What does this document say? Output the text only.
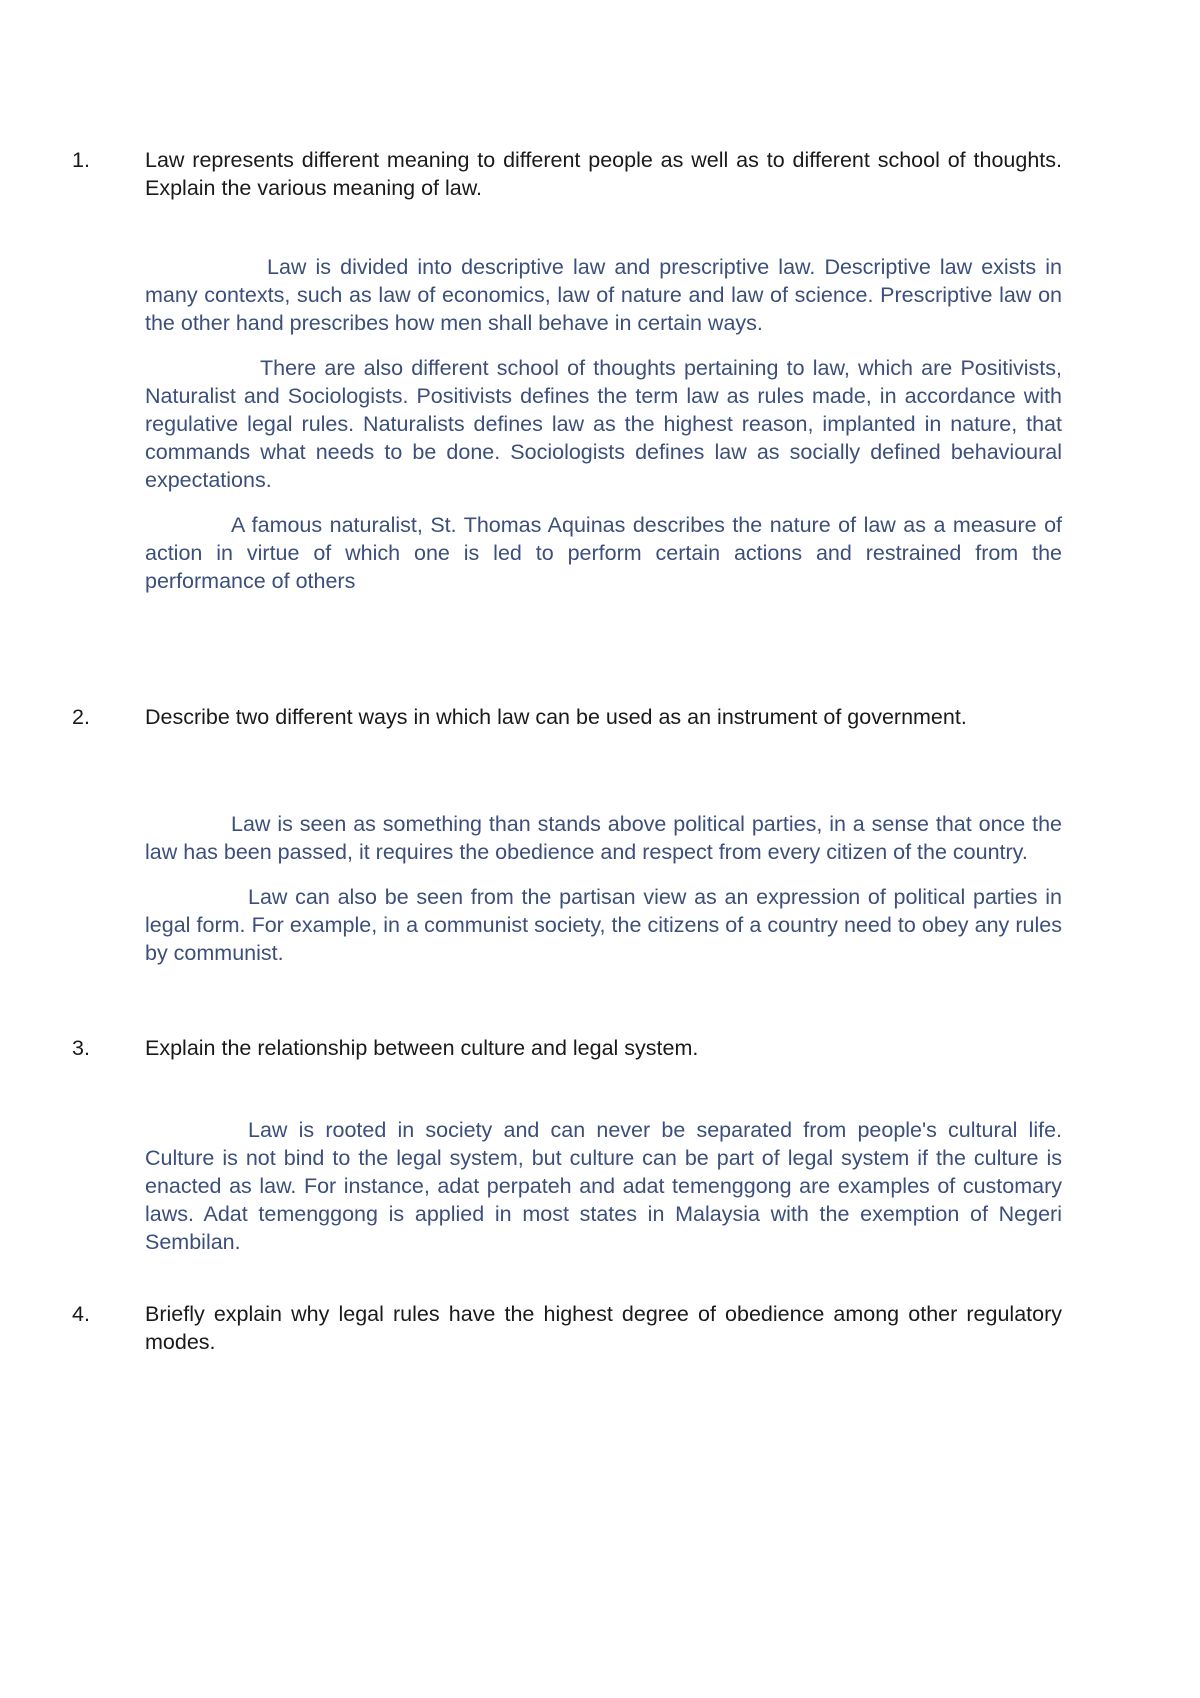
1.	Law represents different meaning to different people as well as to different school of thoughts. Explain the various meaning of law.

Law is divided into descriptive law and prescriptive law. Descriptive law exists in many contexts, such as law of economics, law of nature and law of science. Prescriptive law on the other hand prescribes how men shall behave in certain ways.

There are also different school of thoughts pertaining to law, which are Positivists, Naturalist and Sociologists. Positivists defines the term law as rules made, in accordance with regulative legal rules. Naturalists defines law as the highest reason, implanted in nature, that commands what needs to be done. Sociologists defines law as socially defined behavioural expectations.

A famous naturalist, St. Thomas Aquinas describes the nature of law as a measure of action in virtue of which one is led to perform certain actions and restrained from the performance of others

2.	Describe two different ways in which law can be used as an instrument of government.

Law is seen as something than stands above political parties, in a sense that once the law has been passed, it requires the obedience and respect from every citizen of the country.

Law can also be seen from the partisan view as an expression of political parties in legal form. For example, in a communist society, the citizens of a country need to obey any rules by communist.

3.	Explain the relationship between culture and legal system.

Law is rooted in society and can never be separated from people's cultural life. Culture is not bind to the legal system, but culture can be part of legal system if the culture is enacted as law. For instance, adat perpateh and adat temenggong are examples of customary laws. Adat temenggong is applied in most states in Malaysia with the exemption of Negeri Sembilan.

4.	Briefly explain why legal rules have the highest degree of obedience among other regulatory modes.
